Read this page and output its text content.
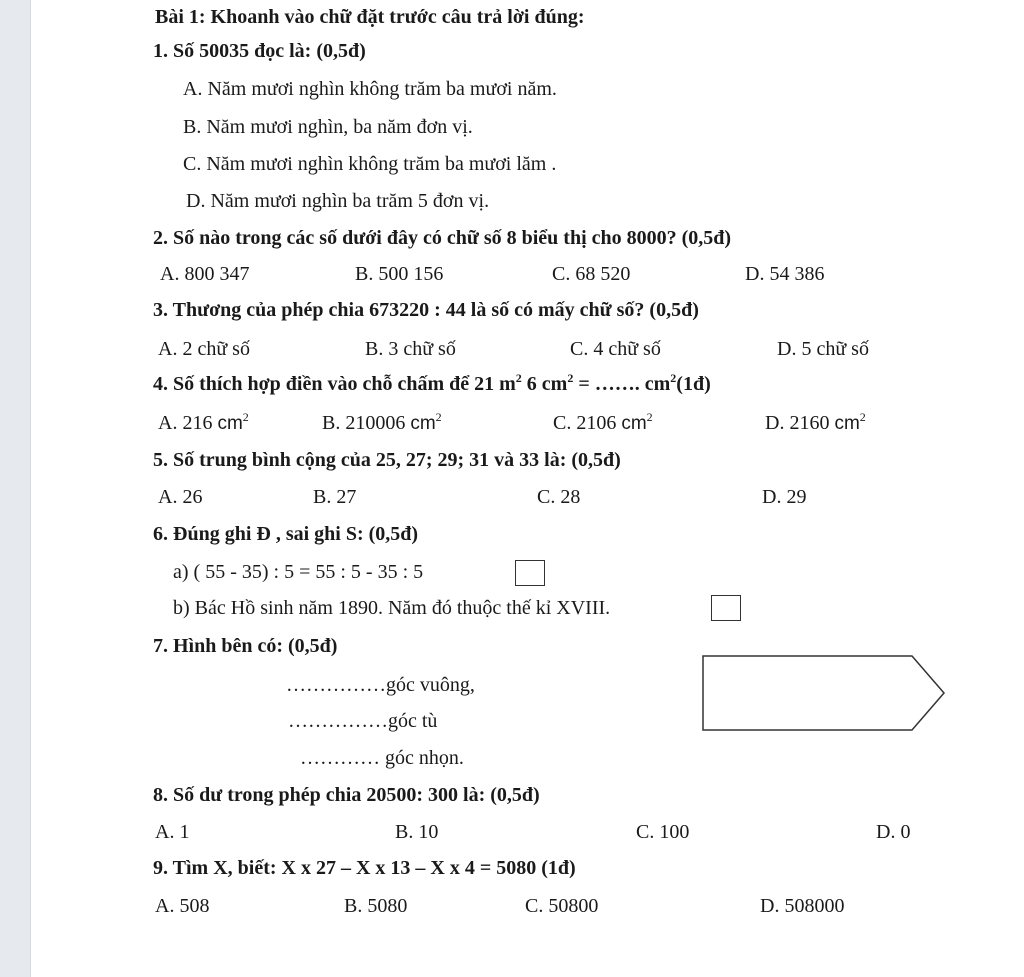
Bài 1: Khoanh vào chữ đặt trước câu trả lời đúng:
1. Số 50035 đọc là: (0,5đ)
A. Năm mươi nghìn không trăm ba mươi năm.
B. Năm mươi nghìn, ba năm đơn vị.
C. Năm mươi nghìn không trăm ba mươi lăm .
D. Năm mươi nghìn ba trăm 5 đơn vị.
2. Số nào trong các số dưới đây có chữ số 8 biểu thị cho 8000? (0,5đ)
A. 800 347	B. 500 156	C. 68 520	D. 54 386
3. Thương của phép chia 673220 : 44 là số có mấy chữ số? (0,5đ)
A. 2 chữ số	B. 3 chữ số	C. 4 chữ số	D. 5 chữ số
4. Số thích hợp điền vào chỗ chấm để 21 $m^2$ 6 $cm^2$ = ……. $cm^2(1đ)$
A. 216 $cm^2$	B. 210006 $cm^2$	C. 2106 $cm^2$	D. 2160 $cm^2$
5. Số trung bình cộng của 25, 27; 29; 31 và 33 là: (0,5đ)
A. 26	B. 27	C. 28	D. 29
6. Đúng ghi Đ , sai ghi S: (0,5đ)
a) ( 55 - 35) : 5 = 55 : 5 - 35 : 5
b) Bác Hồ sinh năm 1890. Năm đó thuộc thế kỉ XVIII.
7. Hình bên có: (0,5đ)
……………góc vuông,
……………góc tù
………… góc nhọn.
8. Số dư trong phép chia 20500: 300 là: (0,5đ)
A. 1	B. 10	C. 100	D. 0
9. Tìm X, biết: X x 27 – X x 13 – X x 4 = 5080 (1đ)
A. 508	B. 5080	C. 50800	D. 508000
